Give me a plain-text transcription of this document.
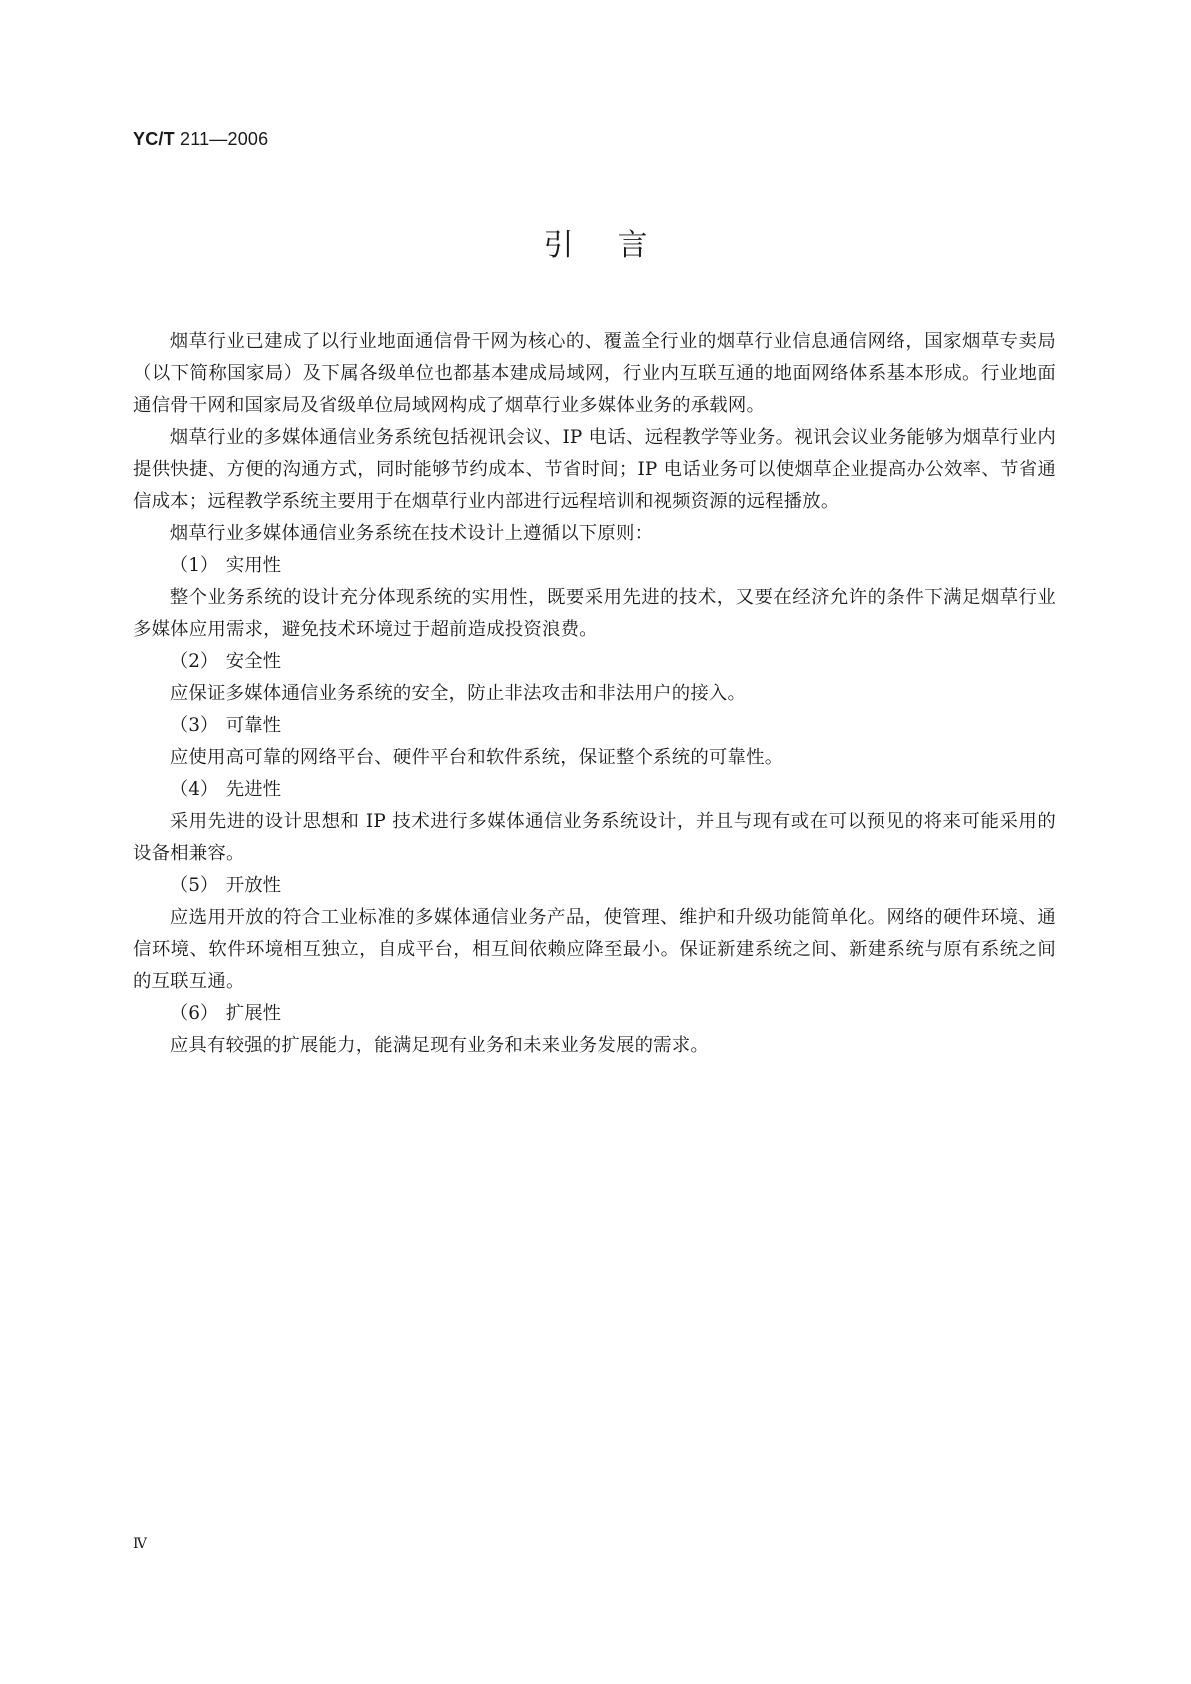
YC/T 211—2006
引言

烟草行业已建成了以行业地面通信骨干网为核心的、覆盖全行业的烟草行业信息通信网络，国家烟草专卖局（以下简称国家局）及下属各级单位也都基本建成局域网，行业内互联互通的地面网络体系基本形成。行业地面通信骨干网和国家局及省级单位局域网构成了烟草行业多媒体业务的承载网。

烟草行业的多媒体通信业务系统包括视讯会议、IP 电话、远程教学等业务。视讯会议业务能够为烟草行业内提供快捷、方便的沟通方式，同时能够节约成本、节省时间；IP 电话业务可以使烟草企业提高办公效率、节省通信成本；远程教学系统主要用于在烟草行业内部进行远程培训和视频资源的远程播放。

烟草行业多媒体通信业务系统在技术设计上遵循以下原则：

（1） 实用性

整个业务系统的设计充分体现系统的实用性，既要采用先进的技术，又要在经济允许的条件下满足烟草行业多媒体应用需求，避免技术环境过于超前造成投资浪费。

（2） 安全性

应保证多媒体通信业务系统的安全，防止非法攻击和非法用户的接入。

（3） 可靠性

应使用高可靠的网络平台、硬件平台和软件系统，保证整个系统的可靠性。

（4） 先进性

采用先进的设计思想和 IP 技术进行多媒体通信业务系统设计，并且与现有或在可以预见的将来可能采用的设备相兼容。

（5） 开放性

应选用开放的符合工业标准的多媒体通信业务产品，使管理、维护和升级功能简单化。网络的硬件环境、通信环境、软件环境相互独立，自成平台，相互间依赖应降至最小。保证新建系统之间、新建系统与原有系统之间的互联互通。

（6） 扩展性

应具有较强的扩展能力，能满足现有业务和未来业务发展的需求。

Ⅳ
